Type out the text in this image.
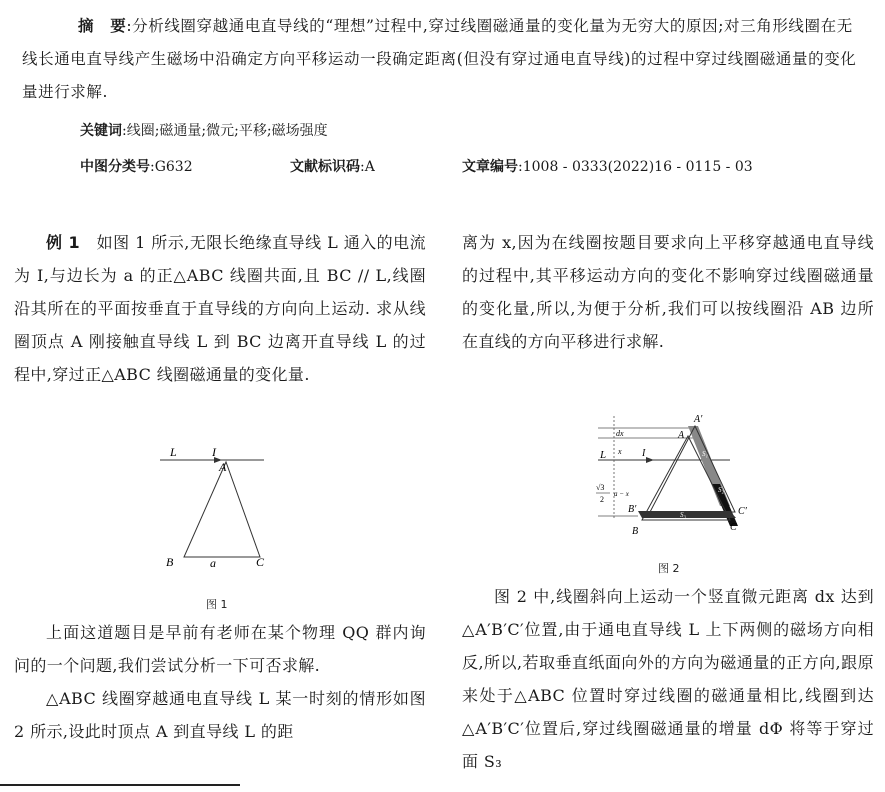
摘　要:分析线圈穿越通电直导线的“理想”过程中,穿过线圈磁通量的变化量为无穷大的原因;对三角形线圈在无线长通电直导线产生磁场中沿确定方向平移运动一段确定距离(但没有穿过通电直导线)的过程中穿过线圈磁通量的变化量进行求解.
关键词:线圈;磁通量;微元;平移;磁场强度
中图分类号:G632	文献标识码:A	文章编号:1008 - 0333(2022)16 - 0115 - 03

例 1　如图 1 所示,无限长绝缘直导线 L 通入的电流为 I,与边长为 a 的正△ABC 线圈共面,且 BC // L,线圈沿其所在的平面按垂直于直导线的方向向上运动. 求从线圈顶点 A 刚接触直导线 L 到 BC 边离开直导线 L 的过程中,穿过正△ABC 线圈磁通量的变化量.

L	I
A
B	a	C
图 1

上面这道题目是早前有老师在某个物理 QQ 群内询问的一个问题,我们尝试分析一下可否求解.

△ABC 线圈穿越通电直导线 L 某一时刻的情形如图 2 所示,设此时顶点 A 到直导线 L 的距

离为 x,因为在线圈按题目要求向上平移穿越通电直导线的过程中,其平移运动方向的变化不影响穿过线圈磁通量的变化量,所以,为便于分析,我们可以按线圈沿 AB 边所在直线的方向平移进行求解.

A′
A
dx
x
L	I
√3
2
a − x
S₁
S₂
S₃
B′
B
C′
C
图 2

图 2 中,线圈斜向上运动一个竖直微元距离 dx 达到△A′B′C′位置,由于通电直导线 L 上下两侧的磁场方向相反,所以,若取垂直纸面向外的方向为磁通量的正方向,跟原来处于△ABC 位置时穿过线圈的磁通量相比,线圈到达△A′B′C′位置后,穿过线圈磁通量的增量 dΦ 将等于穿过面 S₃
